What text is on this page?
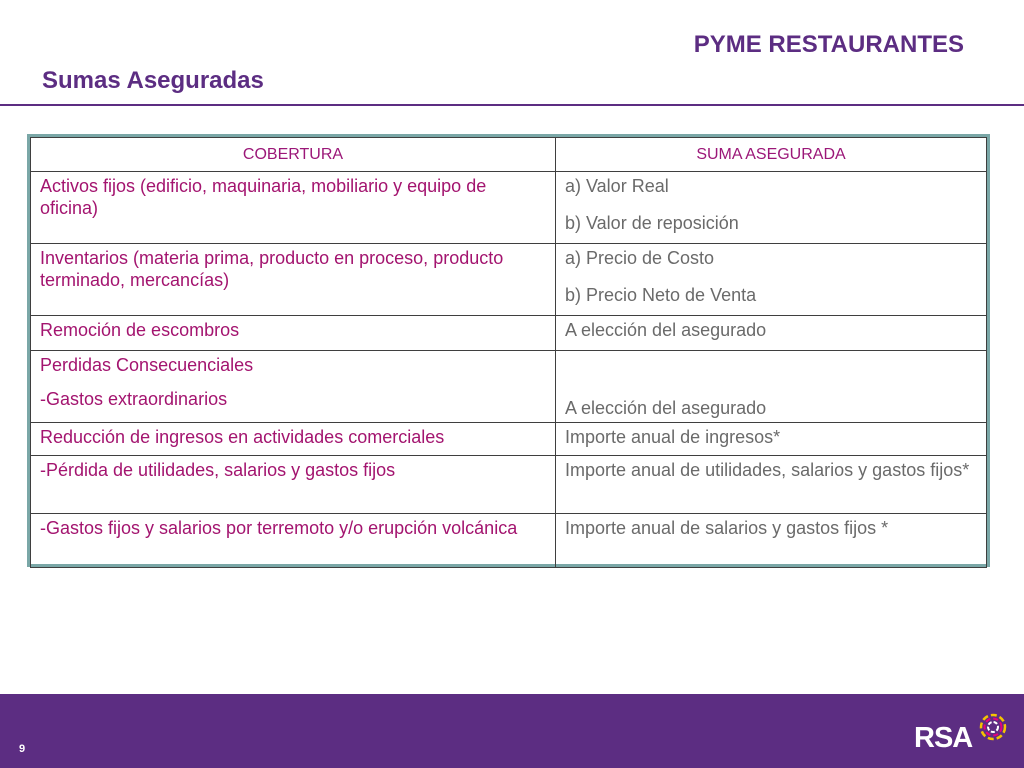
PYME RESTAURANTES
Sumas Aseguradas
COBERTURA	SUMA ASEGURADA
Activos fijos (edificio, maquinaria, mobiliario y equipo de oficina)	a) Valor Real
b) Valor de reposición
Inventarios (materia prima, producto en proceso, producto terminado, mercancías)	a) Precio de Costo
b) Precio Neto de Venta
Remoción de escombros	A elección del asegurado
Perdidas Consecuenciales
-Gastos extraordinarios	A elección del asegurado
Reducción de ingresos en actividades comerciales	Importe anual de ingresos*
-Pérdida de utilidades, salarios y gastos fijos	Importe anual de utilidades, salarios y gastos fijos*
-Gastos fijos y salarios por terremoto y/o erupción volcánica	Importe anual de salarios y gastos fijos *
9	RSA
